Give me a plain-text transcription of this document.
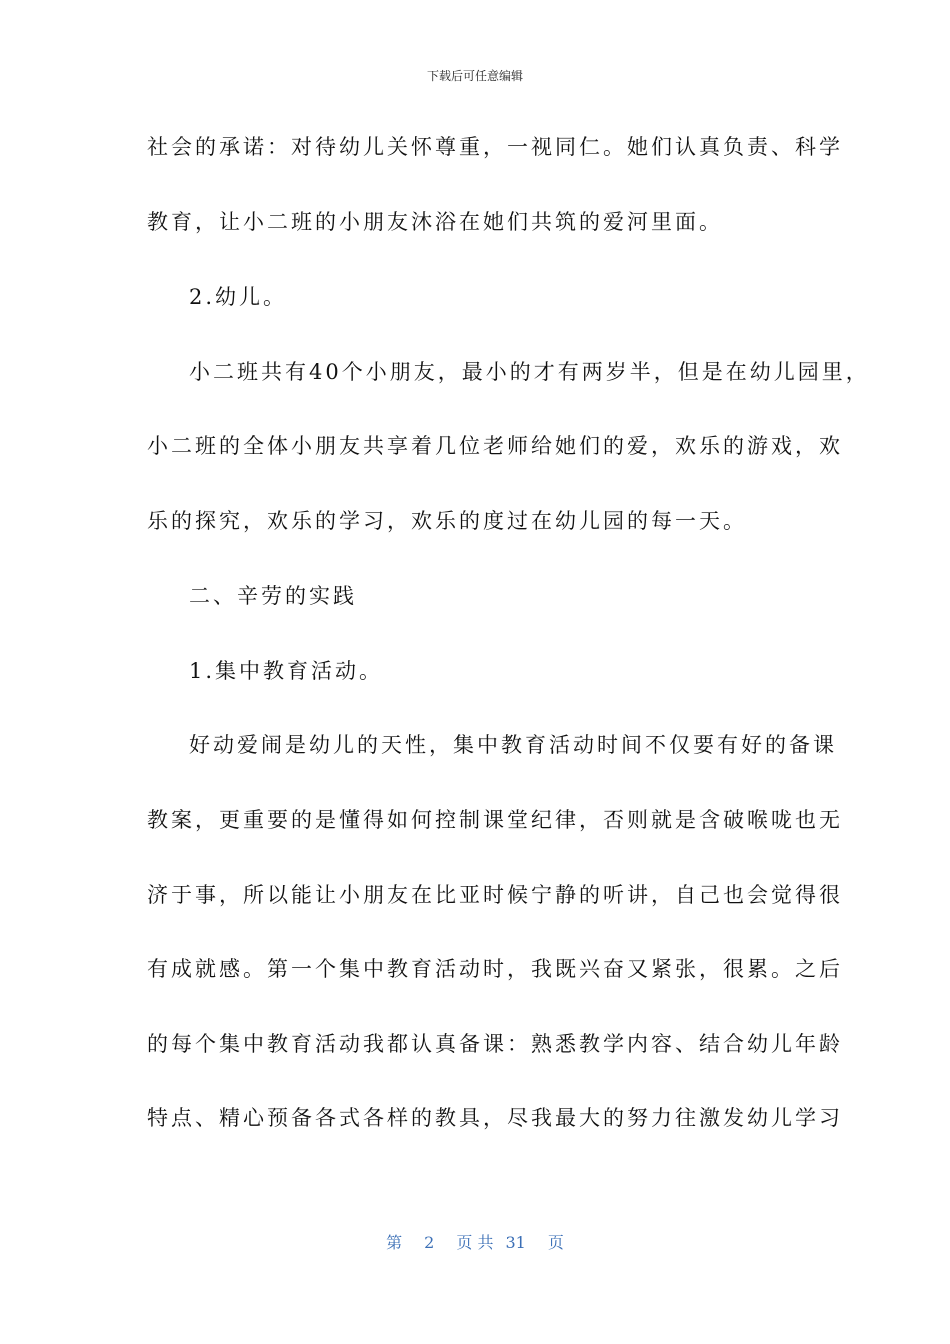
下载后可任意编辑
社会的承诺：对待幼儿关怀尊重，一视同仁。她们认真负责、科学
教育，让小二班的小朋友沐浴在她们共筑的爱河里面。
2.幼儿。
小二班共有40个小朋友，最小的才有两岁半，但是在幼儿园里，
小二班的全体小朋友共享着几位老师给她们的爱，欢乐的游戏，欢
乐的探究，欢乐的学习，欢乐的度过在幼儿园的每一天。
二、辛劳的实践
1.集中教育活动。
好动爱闹是幼儿的天性，集中教育活动时间不仅要有好的备课
教案，更重要的是懂得如何控制课堂纪律，否则就是含破喉咙也无
济于事，所以能让小朋友在比亚时候宁静的听讲，自己也会觉得很
有成就感。第一个集中教育活动时，我既兴奋又紧张，很累。之后
的每个集中教育活动我都认真备课：熟悉教学内容、结合幼儿年龄
特点、精心预备各式各样的教具，尽我最大的努力往激发幼儿学习
第 2 页 共 31 页
